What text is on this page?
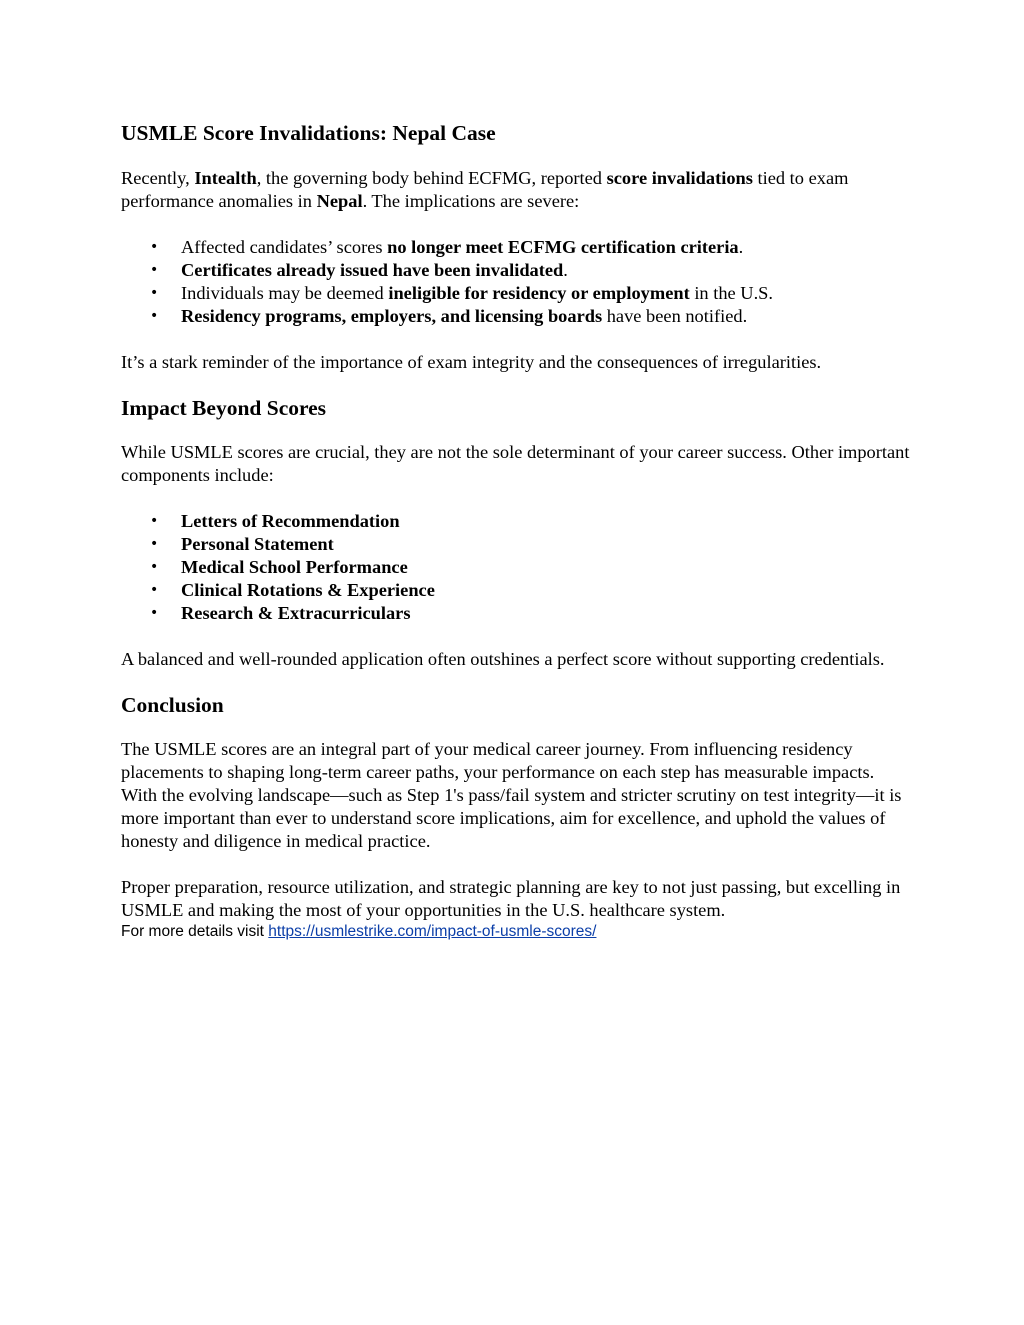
USMLE Score Invalidations: Nepal Case

Recently, Intealth, the governing body behind ECFMG, reported score invalidations tied to exam performance anomalies in Nepal. The implications are severe:

• Affected candidates’ scores no longer meet ECFMG certification criteria.
• Certificates already issued have been invalidated.
• Individuals may be deemed ineligible for residency or employment in the U.S.
• Residency programs, employers, and licensing boards have been notified.

It’s a stark reminder of the importance of exam integrity and the consequences of irregularities.

Impact Beyond Scores

While USMLE scores are crucial, they are not the sole determinant of your career success. Other important components include:

• Letters of Recommendation
• Personal Statement
• Medical School Performance
• Clinical Rotations & Experience
• Research & Extracurriculars

A balanced and well-rounded application often outshines a perfect score without supporting credentials.

Conclusion

The USMLE scores are an integral part of your medical career journey. From influencing residency placements to shaping long-term career paths, your performance on each step has measurable impacts. With the evolving landscape—such as Step 1's pass/fail system and stricter scrutiny on test integrity—it is more important than ever to understand score implications, aim for excellence, and uphold the values of honesty and diligence in medical practice.

Proper preparation, resource utilization, and strategic planning are key to not just passing, but excelling in USMLE and making the most of your opportunities in the U.S. healthcare system.

For more details visit https://usmlestrike.com/impact-of-usmle-scores/
